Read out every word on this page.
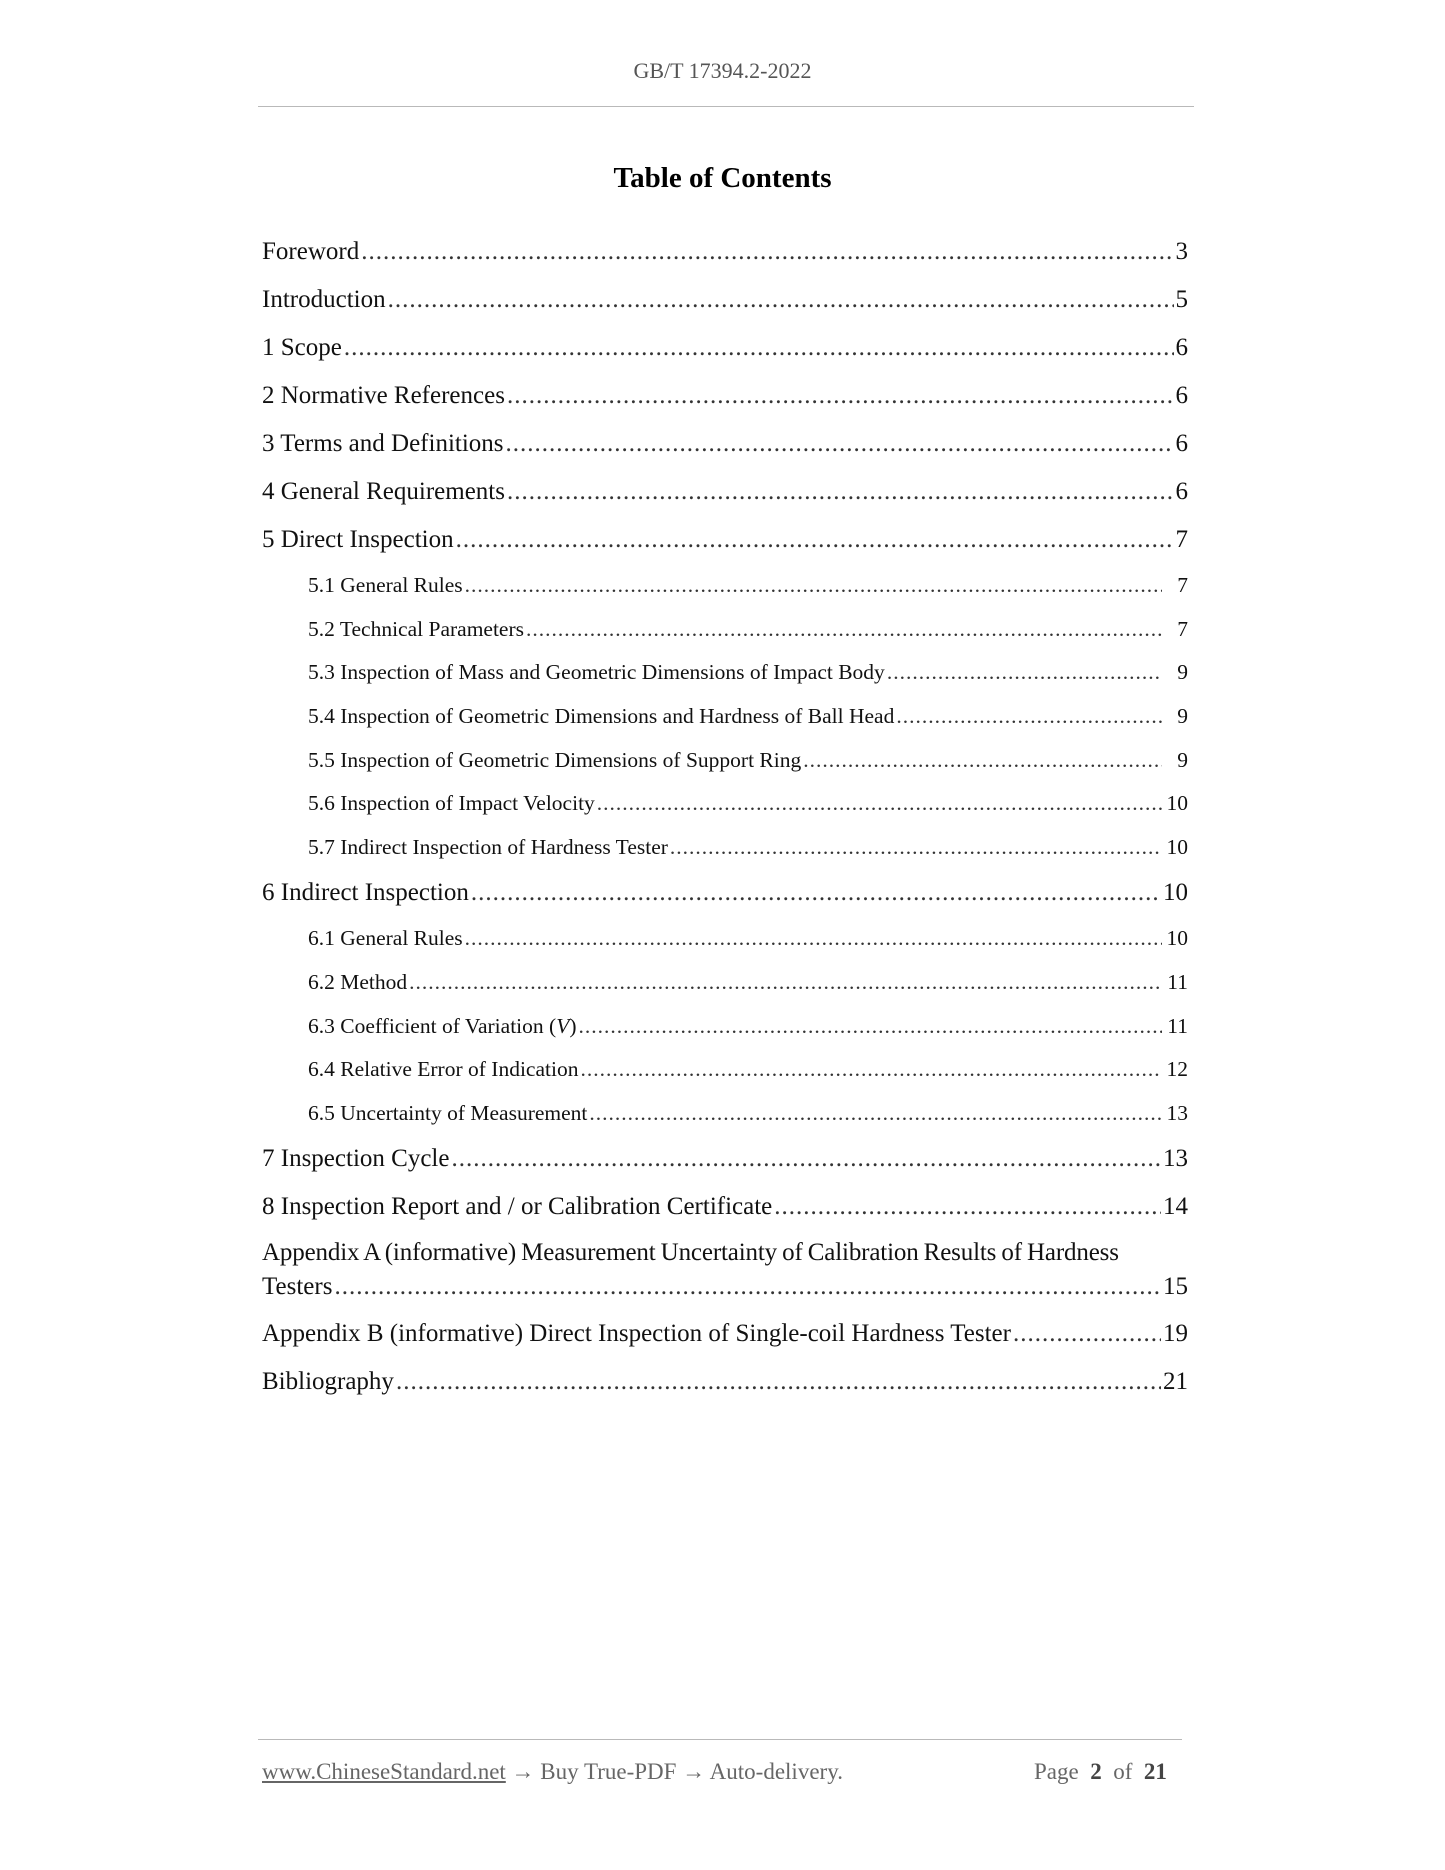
GB/T 17394.2-2022
Table of Contents
Foreword .....	3
Introduction .....	5
1 Scope .....	6
2 Normative References .....	6
3 Terms and Definitions .....	6
4 General Requirements .....	6
5 Direct Inspection .....	7
5.1 General Rules .....	7
5.2 Technical Parameters .....	7
5.3 Inspection of Mass and Geometric Dimensions of Impact Body .....	9
5.4 Inspection of Geometric Dimensions and Hardness of Ball Head .....	9
5.5 Inspection of Geometric Dimensions of Support Ring .....	9
5.6 Inspection of Impact Velocity .....	10
5.7 Indirect Inspection of Hardness Tester .....	10
6 Indirect Inspection .....	10
6.1 General Rules .....	10
6.2 Method .....	11
6.3 Coefficient of Variation (V) .....	11
6.4 Relative Error of Indication .....	12
6.5 Uncertainty of Measurement .....	13
7 Inspection Cycle .....	13
8 Inspection Report and / or Calibration Certificate .....	14
Appendix A (informative) Measurement Uncertainty of Calibration Results of Hardness
Testers .....	15
Appendix B (informative) Direct Inspection of Single-coil Hardness Tester .....	19
Bibliography .....	21
www.ChineseStandard.net → Buy True-PDF → Auto-delivery.	Page 2 of 21
